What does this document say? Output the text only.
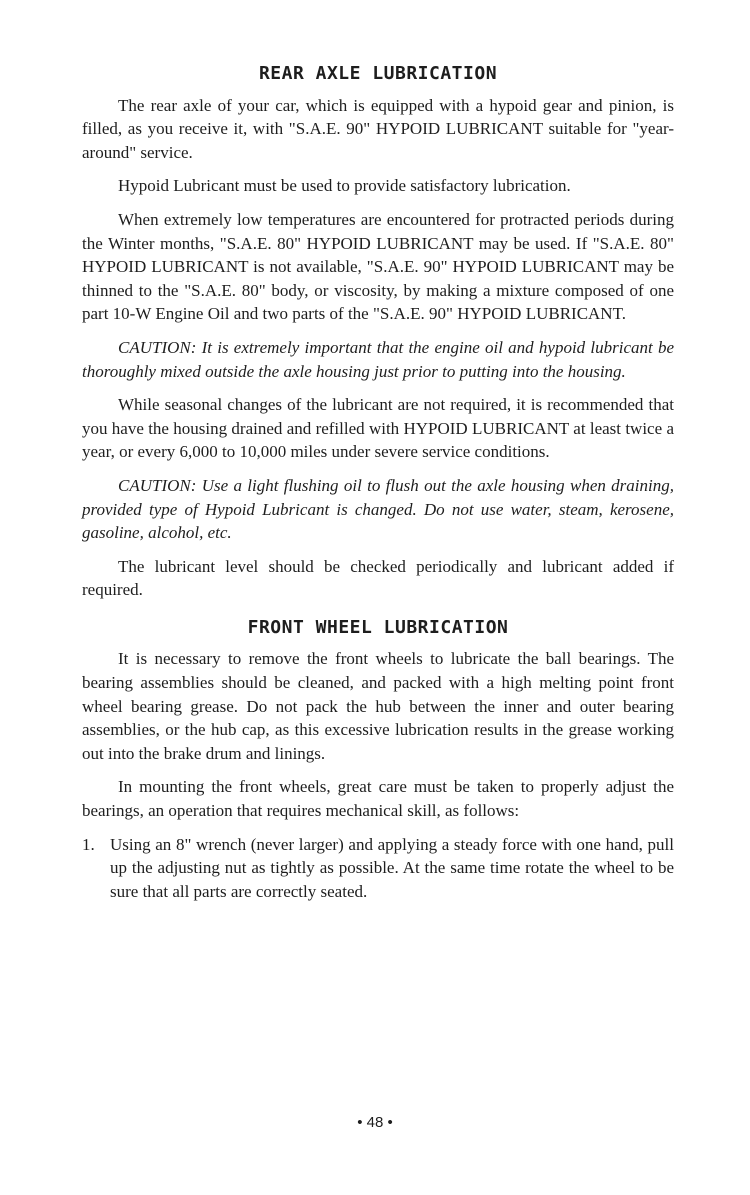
REAR AXLE LUBRICATION

The rear axle of your car, which is equipped with a hypoid gear and pinion, is filled, as you receive it, with "S.A.E. 90" HYPOID LUBRICANT suitable for "year-around" service.

Hypoid Lubricant must be used to provide satisfactory lubrication.

When extremely low temperatures are encountered for protracted periods during the Winter months, "S.A.E. 80" HYPOID LUBRICANT may be used. If "S.A.E. 80" HYPOID LUBRICANT is not available, "S.A.E. 90" HYPOID LUBRICANT may be thinned to the "S.A.E. 80" body, or viscosity, by making a mixture composed of one part 10-W Engine Oil and two parts of the "S.A.E. 90" HYPOID LUBRICANT.

CAUTION: It is extremely important that the engine oil and hypoid lubricant be thoroughly mixed outside the axle housing just prior to putting into the housing.

While seasonal changes of the lubricant are not required, it is recommended that you have the housing drained and refilled with HYPOID LUBRICANT at least twice a year, or every 6,000 to 10,000 miles under severe service conditions.

CAUTION: Use a light flushing oil to flush out the axle housing when draining, provided type of Hypoid Lubricant is changed. Do not use water, steam, kerosene, gasoline, alcohol, etc.

The lubricant level should be checked periodically and lubricant added if required.

FRONT WHEEL LUBRICATION

It is necessary to remove the front wheels to lubricate the ball bearings. The bearing assemblies should be cleaned, and packed with a high melting point front wheel bearing grease. Do not pack the hub between the inner and outer bearing assemblies, or the hub cap, as this excessive lubrication results in the grease working out into the brake drum and linings.

In mounting the front wheels, great care must be taken to properly adjust the bearings, an operation that requires mechanical skill, as follows:

1. Using an 8" wrench (never larger) and applying a steady force with one hand, pull up the adjusting nut as tightly as possible. At the same time rotate the wheel to be sure that all parts are correctly seated.
• 48 •
